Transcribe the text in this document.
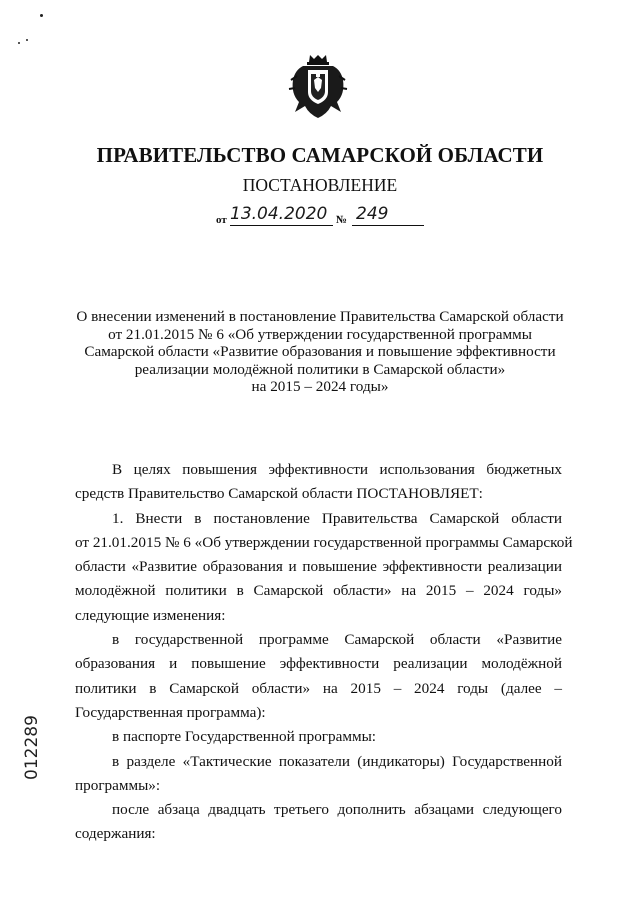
ПРАВИТЕЛЬСТВО САМАРСКОЙ ОБЛАСТИ
ПОСТАНОВЛЕНИЕ
от 13.04.2020 № 249
О внесении изменений в постановление Правительства Самарской области
от 21.01.2015 № 6 «Об утверждении государственной программы
Самарской области «Развитие образования и повышение эффективности
реализации молодёжной политики в Самарской области»
на 2015 – 2024 годы»
В целях повышения эффективности использования бюджетных
средств Правительство Самарской области ПОСТАНОВЛЯЕТ:
1. Внести в постановление Правительства Самарской области
от 21.01.2015 № 6 «Об утверждении государственной программы Самарской
области «Развитие образования и повышение эффективности реализации
молодёжной политики в Самарской области» на 2015 – 2024 годы»
следующие изменения:
в государственной программе Самарской области «Развитие
образования и повышение эффективности реализации молодёжной
политики в Самарской области» на 2015 – 2024 годы (далее –
Государственная программа):
в паспорте Государственной программы:
в разделе «Тактические показатели (индикаторы) Государственной
программы»:
после абзаца двадцать третьего дополнить абзацами следующего
содержания:
012289
